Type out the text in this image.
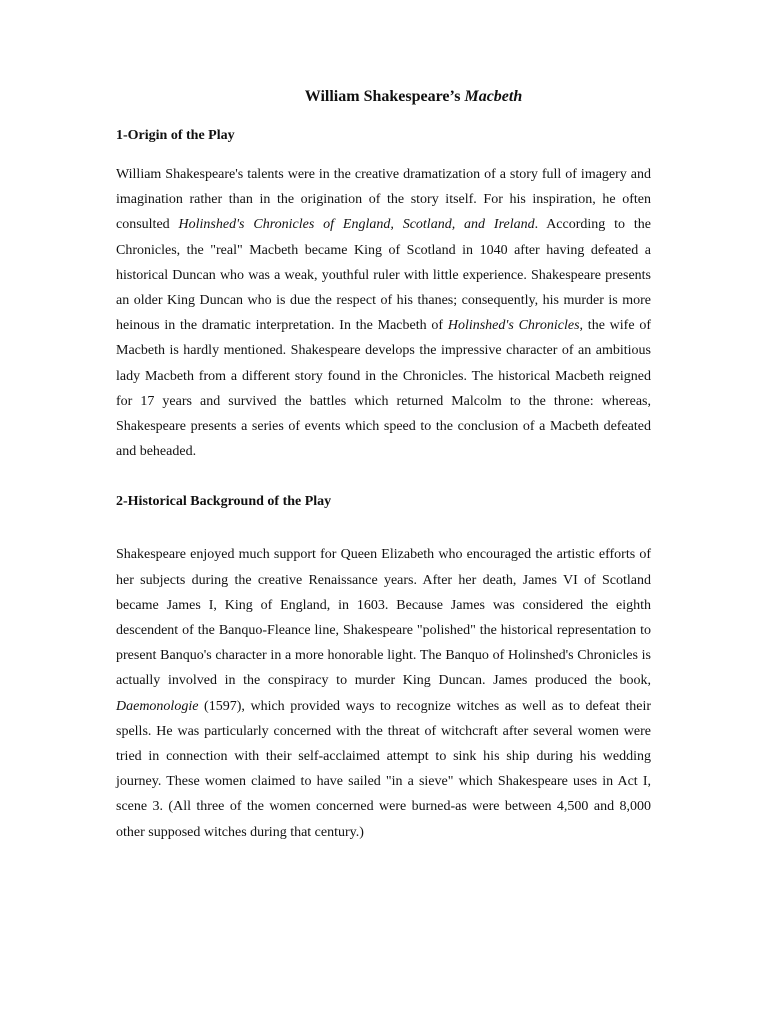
William Shakespeare’s Macbeth
1-Origin of the Play

William Shakespeare's talents were in the creative dramatization of a story full of imagery and imagination rather than in the origination of the story itself. For his inspiration, he often consulted Holinshed's Chronicles of England, Scotland, and Ireland. According to the Chronicles, the "real" Macbeth became King of Scotland in 1040 after having defeated a historical Duncan who was a weak, youthful ruler with little experience. Shakespeare presents an older King Duncan who is due the respect of his thanes; consequently, his murder is more heinous in the dramatic interpretation. In the Macbeth of Holinshed's Chronicles, the wife of Macbeth is hardly mentioned. Shakespeare develops the impressive character of an ambitious lady Macbeth from a different story found in the Chronicles. The historical Macbeth reigned for 17 years and survived the battles which returned Malcolm to the throne: whereas, Shakespeare presents a series of events which speed to the conclusion of a Macbeth defeated and beheaded.

2-Historical Background of the Play

Shakespeare enjoyed much support for Queen Elizabeth who encouraged the artistic efforts of her subjects during the creative Renaissance years. After her death, James VI of Scotland became James I, King of England, in 1603. Because James was considered the eighth descendent of the Banquo-Fleance line, Shakespeare "polished" the historical representation to present Banquo's character in a more honorable light. The Banquo of Holinshed's Chronicles is actually involved in the conspiracy to murder King Duncan. James produced the book, Daemonologie (1597), which provided ways to recognize witches as well as to defeat their spells. He was particularly concerned with the threat of witchcraft after several women were tried in connection with their self-acclaimed attempt to sink his ship during his wedding journey. These women claimed to have sailed "in a sieve" which Shakespeare uses in Act I, scene 3. (All three of the women concerned were burned-as were between 4,500 and 8,000 other supposed witches during that century.)
